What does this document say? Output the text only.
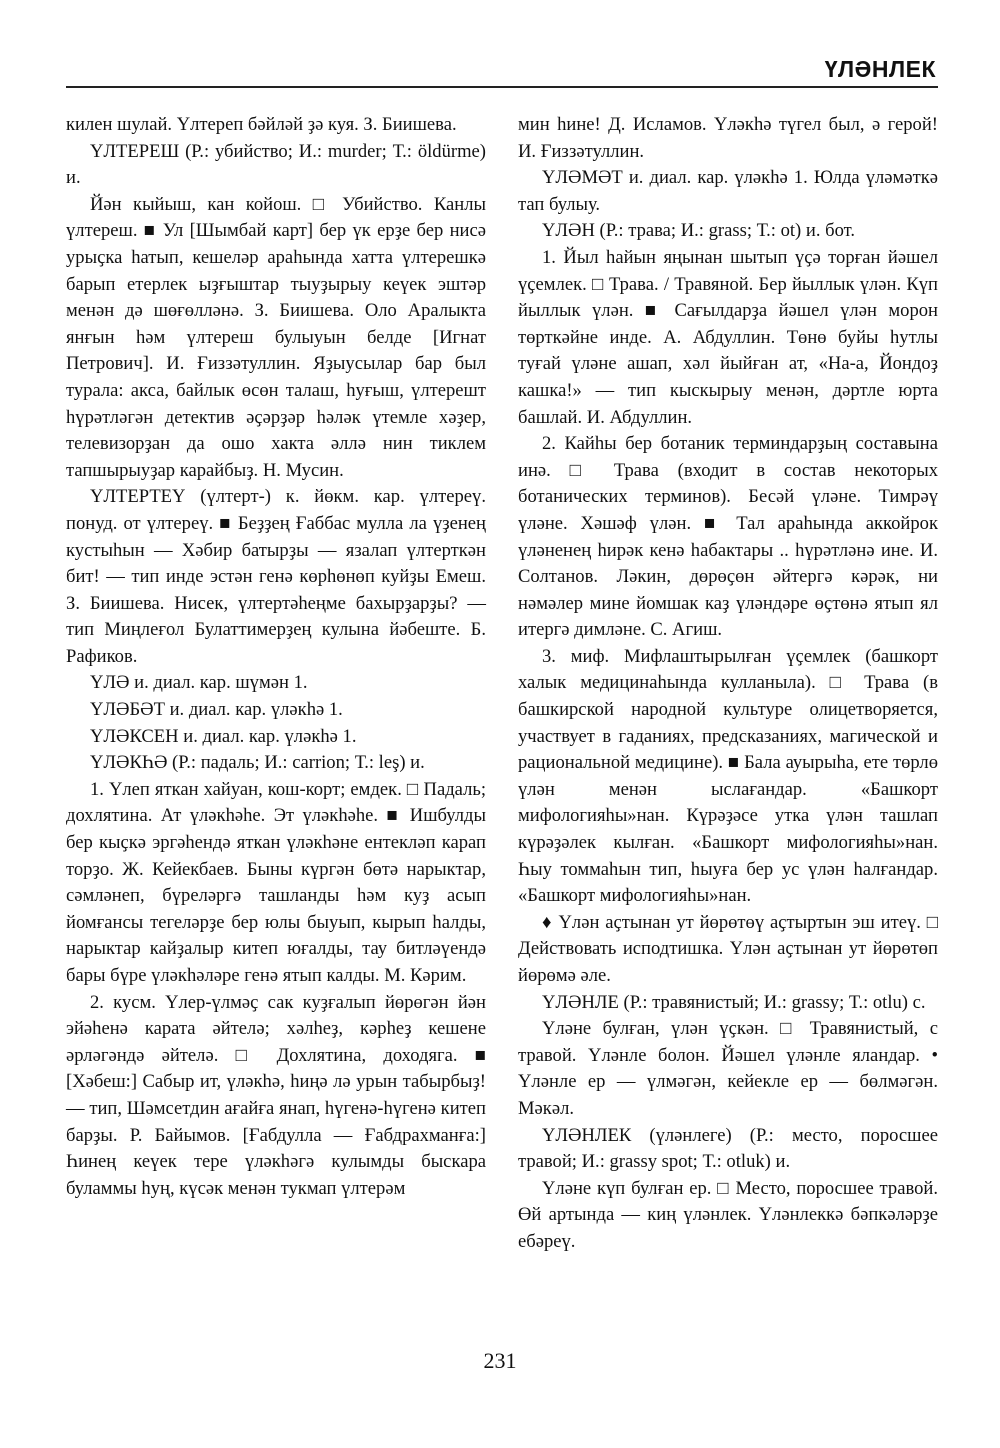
ҮЛӘНЛЕК

килен шулай. Үлтереп бәйләй ҙә куя. З. Биишева.

ҮЛТЕРЕШ (Р.: убийство; И.: murder; Т.: öldürme) и.

Йән кыйыш, кан койош. □ Убийство. Канлы үлтереш. ■ Ул [Шымбай карт] бер үк ерҙе бер нисә урыҫка һатып, кешеләр араһында хатта үлтерешкә барып етерлек ыҙғыштар тыуҙырыу кеүек эштәр менән дә шөғөлләнә. З. Биишева. Оло Аралыкта янғын һәм үлтереш булыуын белде [Игнат Петрович]. И. Ғиззәтуллин. Яҙыусылар бар был турала: акса, байлык өсөн талаш, һуғыш, үлтерешт һүрәтләгән детектив әҫәрҙәр һәләк үтемле хәҙер, телевизорҙан да ошо хакта әллә нин тиклем тапшырыуҙар карайбыҙ. Н. Мусин.

ҮЛТЕРТЕҮ (үлтерт-) к. йөкм. кар. үлтереү. понуд. от үлтереү. ■ Беҙҙең Ғаббас мулла ла үҙенең кустыһын — Хәбир батырҙы — язалап үлтерткән бит! — тип инде эстән генә көрһөнөп куйҙы Емеш. З. Биишева. Нисек, үлтертәһеңме бахырҙарҙы? — тип Миңлеғол Булаттимерҙең кулына йәбеште. Б. Рафиков.

ҮЛӘ и. диал. кар. шүмән 1.

ҮЛӘБӘТ и. диал. кар. үләкһә 1.

ҮЛӘКСЕН и. диал. кар. үләкһә 1.

ҮЛӘКҺӘ (Р.: падаль; И.: carrion; Т.: leş) и.

1. Үлеп яткан хайуан, кош-корт; емдек. □ Падаль; дохлятина. Ат үләкһәһе. Эт үләкһәһе. ■ Ишбулды бер кыҫкә эргәһендә яткан үләкһәне ентекләп карап торҙо. Ж. Кейекбаев. Быны күргән бөтә нарыктар, сәмләнеп, бүреләргә ташланды һәм куҙ асып йомғансы тегеләрҙе бер юлы быуып, кырып һалды, нарыктар кайҙалыр китеп юғалды, тау битләүендә бары бүре үләкһәләре генә ятып калды. М. Кәрим.

2. кусм. Үлер-үлмәҫ сак куҙғалып йөрөгән йән эйәһенә карата әйтелә; хәлһеҙ, кәрһеҙ кешене әрләгәндә әйтелә. □ Дохлятина, доходяга. ■ [Хәбеш:] Сабыр ит, үләкһә, һиңә лә урын табырбыҙ! — тип, Шәмсетдин ағайға янап, һүгенә-һүгенә китеп барҙы. Р. Байымов. [Ғабдулла — Ғабдрахманға:] Һинең кеүек тере үләкһәгә кулымды быскара буламмы һуң, күсәк менән тукмап үлтерәм

мин һине! Д. Исламов. Үләкһә түгел был, ә герой! И. Ғиззәтуллин.

ҮЛӘМӘТ и. диал. кар. үләкһә 1. Юлда үләмәткә тап булыу.

ҮЛӘН (Р.: трава; И.: grass; Т.: ot) и. бот.

1. Йыл һайын яңынан шытып үҫә торған йәшел үҫемлек. □ Трава. / Травяной. Бер йыллык үлән. Күп йыллык үлән. ■ Сағылдарҙа йәшел үлән морон төрткәйне инде. А. Абдуллин. Төнө буйы һутлы туғай үләне ашап, хәл йыйған ат, «На-а, Йондоҙ кашка!» — тип кыскырыу менән, дәртле юрта башлай. И. Абдуллин.

2. Кайһы бер ботаник терминдарҙың составына инә. □ Трава (входит в состав некоторых ботанических терминов). Бесәй үләне. Тимрәү үләне. Хәшәф үлән. ■ Тал араһында аккойрок үләненең һирәк кенә һабактары .. һүрәтләнә ине. И. Солтанов. Ләкин, дөрөҫөн әйтергә кәрәк, ни нәмәлер мине йомшак каҙ үләндәре өҫтөнә ятып ял итергә димләне. С. Агиш.

3. миф. Мифлаштырылған үҫемлек (башкорт халык медицинаһында кулланыла). □ Трава (в башкирской народной культуре олицетворяется, участвует в гаданиях, предсказаниях, магической и рациональной медицине). ■ Бала ауырыһа, ете төрлө үлән менән ыслағандар. «Башкорт мифологияһы»нан. Күрәҙәсе утка үлән ташлап күрәҙәлек кылған. «Башкорт мифологияһы»нан. Һыу томмаһын тип, һыуға бер ус үлән һалғандар. «Башкорт мифологияһы»нан.

♦ Үлән аҫтынан ут йөрөтөү аҫтыртын эш итеү. □ Действовать исподтишка. Үлән аҫтынан ут йөрөтөп йөрөмә әле.

ҮЛӘНЛЕ (Р.: травянистый; И.: grassy; Т.: otlu) с.

Үләне булған, үлән үҫкән. □ Травянистый, с травой. Үләнле болон. Йәшел үләнле яландар. • Үләнле ер — үлмәгән, кейекле ер — бөлмәгән. Мәкәл.

ҮЛӘНЛЕК (үләнлеге) (Р.: место, поросшее травой; И.: grassy spot; Т.: otluk) и.

Үләне күп булған ер. □ Место, поросшее травой. Өй артында — киң үләнлек. Үләнлеккә бәпкәләрҙе ебәреү.

231
